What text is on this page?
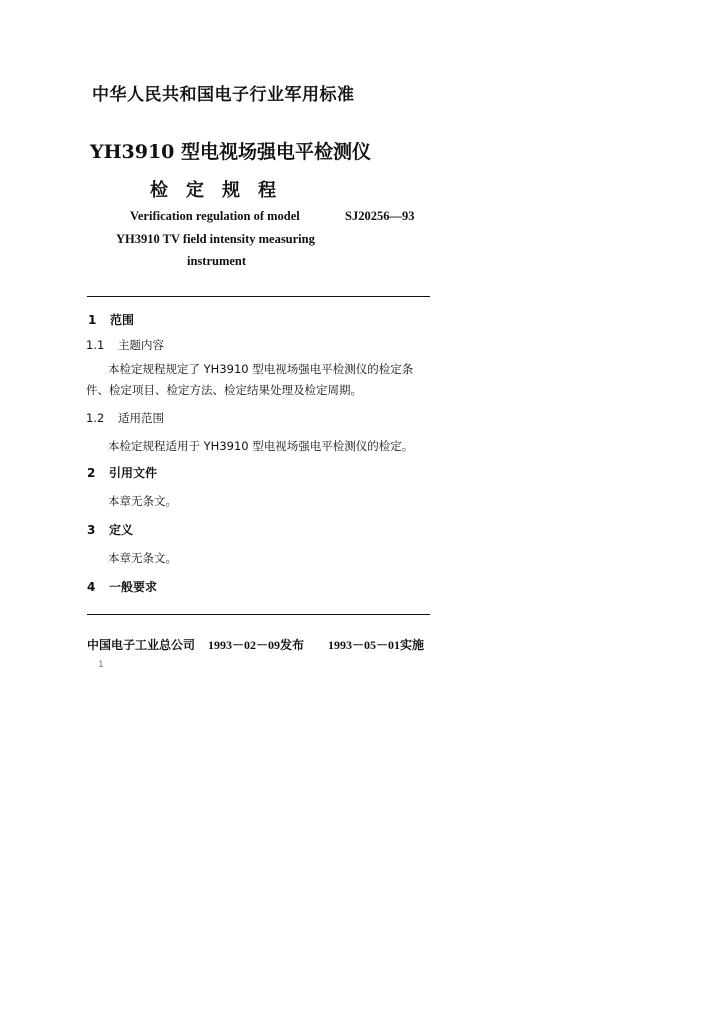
中华人民共和国电子行业军用标准
YH3910 型电视场强电平检测仪
检定规程
Verification regulation of model	SJ20256—93
YH3910 TV field intensity measuring
instrument
1 范围
1.1 主题内容
本检定规程规定了 YH3910 型电视场强电平检测仪的检定条
件、检定项目、检定方法、检定结果处理及检定周期。
1.2 适用范围
本检定规程适用于 YH3910 型电视场强电平检测仪的检定。
2 引用文件
本章无条文。
3 定义
本章无条文。
4 一般要求
中国电子工业总公司 1993－02－09发布 1993－05－01实施
1
